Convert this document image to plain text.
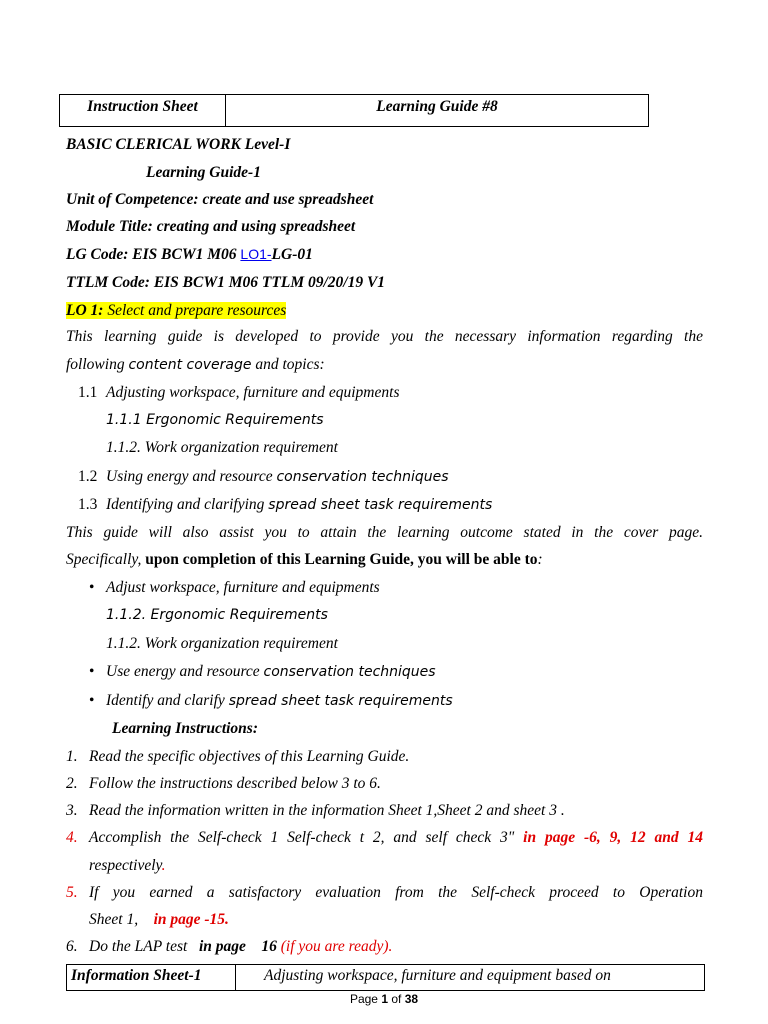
Instruction Sheet	Learning Guide #8
BASIC CLERICAL WORK Level-I
Learning Guide-1
Unit of Competence: create and use spreadsheet
Module Title: creating and using spreadsheet
LG Code: EIS BCW1 M06 LO1-LG-01
TTLM Code: EIS BCW1 M06 TTLM 09/20/19 V1
LO 1: Select and prepare resources
This learning guide is developed to provide you the necessary information regarding the
following content coverage and topics:
1.1 Adjusting workspace, furniture and equipments
1.1.1 Ergonomic Requirements
1.1.2. Work organization requirement
1.2 Using energy and resource conservation techniques
1.3 Identifying and clarifying spread sheet task requirements
This guide will also assist you to attain the learning outcome stated in the cover page.
Specifically, upon completion of this Learning Guide, you will be able to:
• Adjust workspace, furniture and equipments
1.1.2. Ergonomic Requirements
1.1.2. Work organization requirement
• Use energy and resource conservation techniques
• Identify and clarify spread sheet task requirements
Learning Instructions:
1. Read the specific objectives of this Learning Guide.
2. Follow the instructions described below 3 to 6.
3. Read the information written in the information Sheet 1,Sheet 2 and sheet 3 .
4. Accomplish the Self-check 1 Self-check t 2, and self check 3" in page -6, 9, 12 and 14
respectively.
5. If you earned a satisfactory evaluation from the Self-check proceed to Operation
Sheet 1, in page -15.
6. Do the LAP test in page 16 (if you are ready).
Information Sheet-1	Adjusting workspace, furniture and equipment based on
Page 1 of 38
